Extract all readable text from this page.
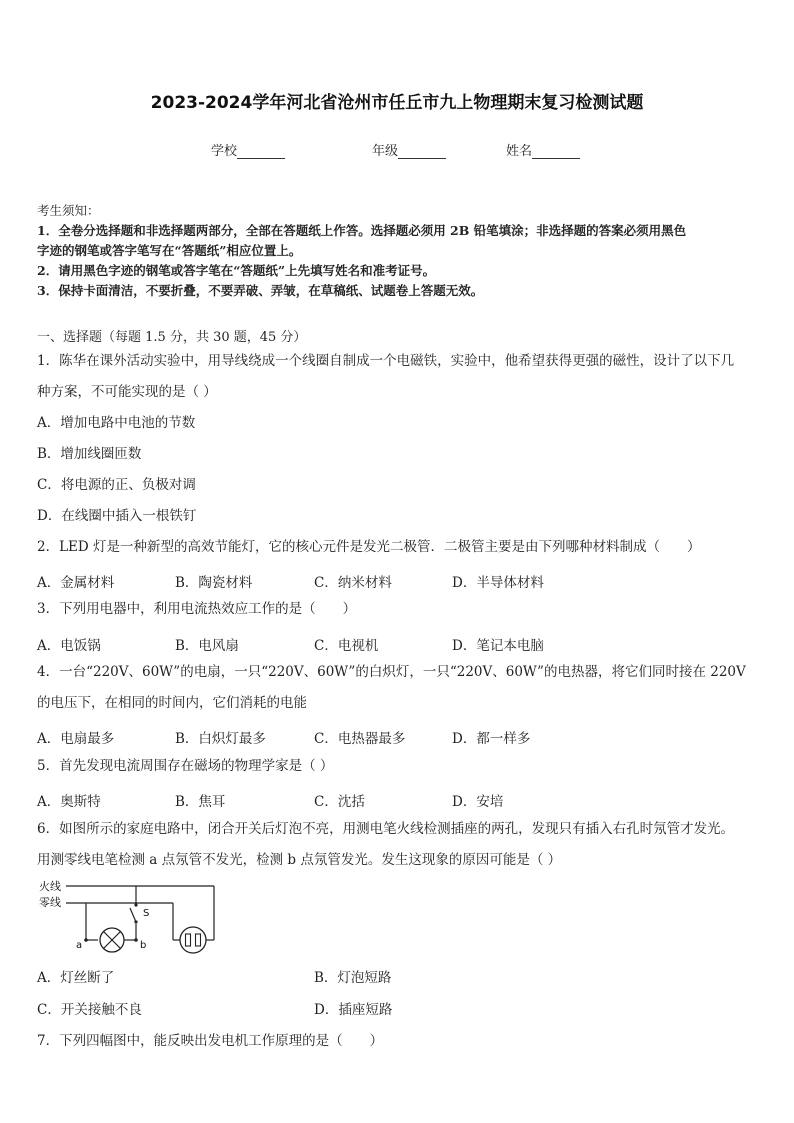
2023-2024学年河北省沧州市任丘市九上物理期末复习检测试题
学校	年级	姓名
考生须知：
1．全卷分选择题和非选择题两部分，全部在答题纸上作答。选择题必须用 2B 铅笔填涂；非选择题的答案必须用黑色
字迹的钢笔或答字笔写在“答题纸”相应位置上。
2．请用黑色字迹的钢笔或答字笔在“答题纸”上先填写姓名和准考证号。
3．保持卡面清洁，不要折叠，不要弄破、弄皱，在草稿纸、试题卷上答题无效。
一、选择题（每题 1.5 分，共 30 题，45 分）
1．陈华在课外活动实验中，用导线绕成一个线圈自制成一个电磁铁，实验中，他希望获得更强的磁性，设计了以下几
种方案，不可能实现的是（ ）
A．增加电路中电池的节数
B．增加线圈匝数
C．将电源的正、负极对调
D．在线圈中插入一根铁钉
2．LED 灯是一种新型的高效节能灯，它的核心元件是发光二极管．二极管主要是由下列哪种材料制成（　　）
A．金属材料	B．陶瓷材料	C．纳米材料	D．半导体材料
3．下列用电器中，利用电流热效应工作的是（　　）
A．电饭锅	B．电风扇	C．电视机	D．笔记本电脑
4．一台“220V、60W”的电扇，一只“220V、60W”的白炽灯，一只“220V、60W”的电热器，将它们同时接在 220V
的电压下，在相同的时间内，它们消耗的电能
A．电扇最多	B．白炽灯最多	C．电热器最多	D．都一样多
5．首先发现电流周围存在磁场的物理学家是（ ）
A．奥斯特	B．焦耳	C．沈括	D．安培
6．如图所示的家庭电路中，闭合开关后灯泡不亮，用测电笔火线检测插座的两孔，发现只有插入右孔时氖管才发光。
用测零线电笔检测 a 点氖管不发光，检测 b 点氖管发光。发生这现象的原因可能是（ ）
火线
零线
a	b
S
A．灯丝断了	B．灯泡短路
C．开关接触不良	D．插座短路
7．下列四幅图中，能反映出发电机工作原理的是（　　）
